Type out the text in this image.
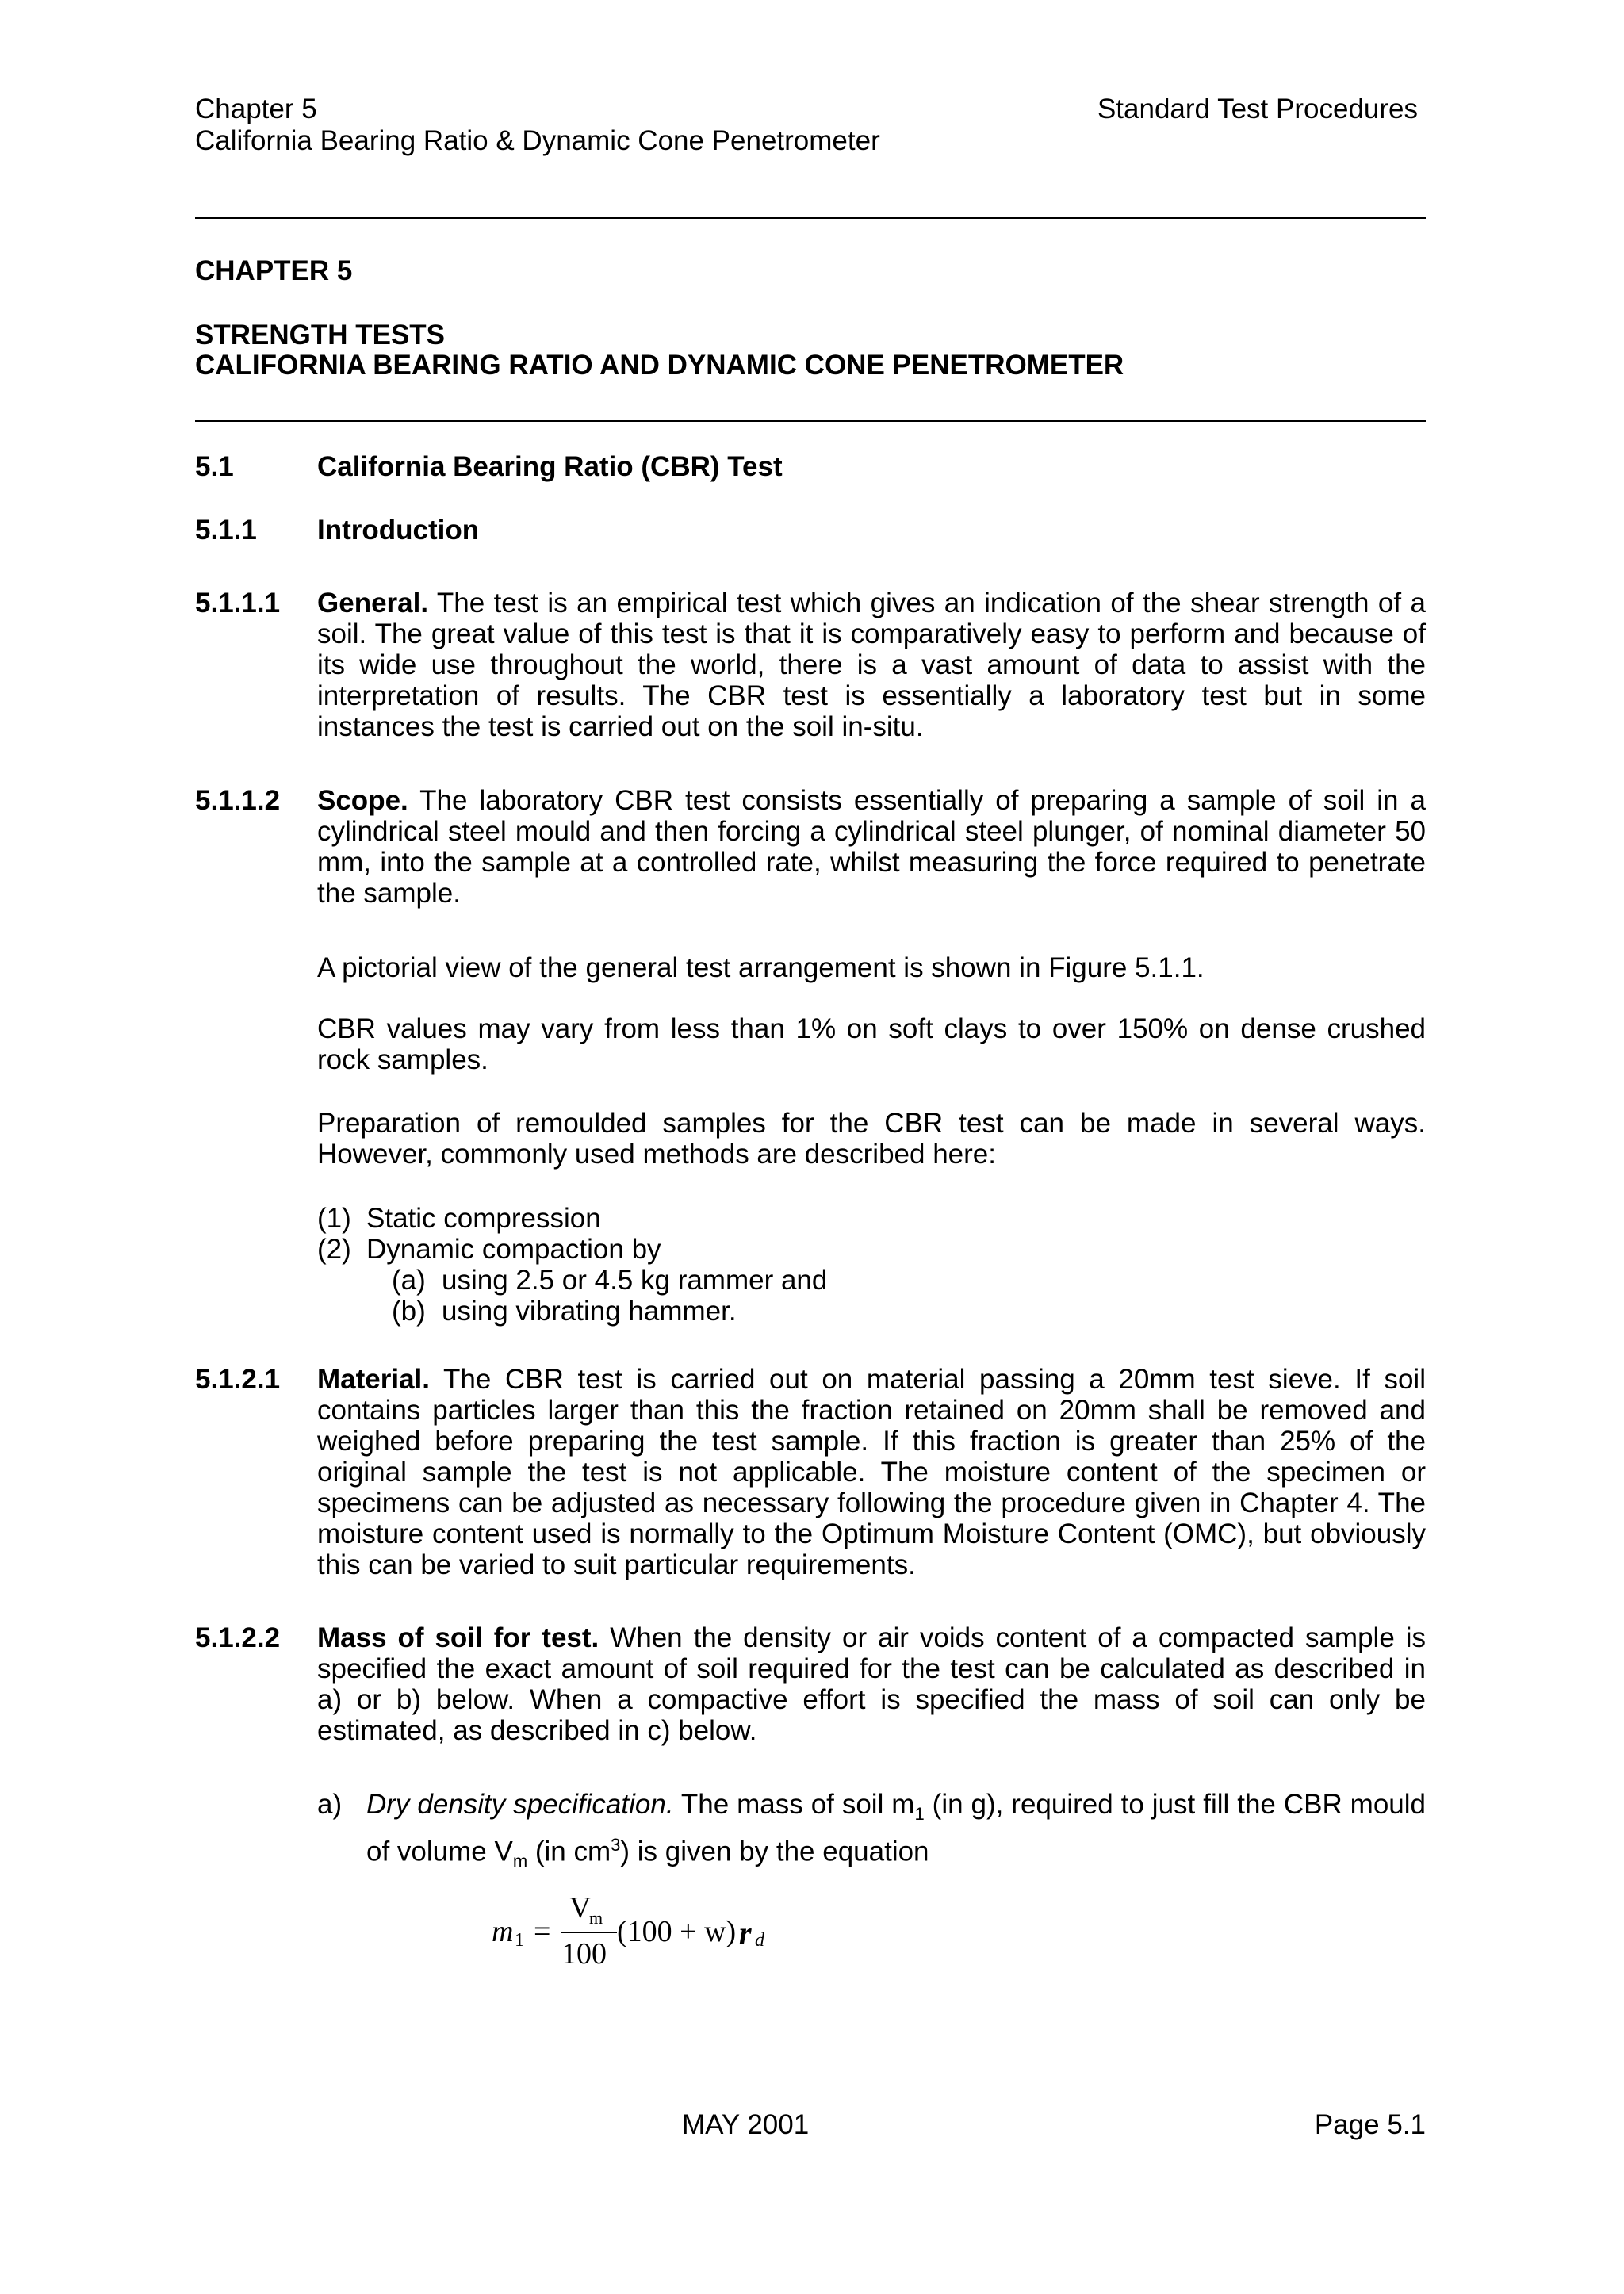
Chapter 5
California Bearing Ratio & Dynamic Cone Penetrometer
Standard Test Procedures
CHAPTER 5
STRENGTH TESTS
CALIFORNIA BEARING RATIO AND DYNAMIC CONE PENETROMETER
5.1	California Bearing Ratio (CBR) Test
5.1.1 Introduction
5.1.1.1 General. The test is an empirical test which gives an indication of the shear strength of a soil. The great value of this test is that it is comparatively easy to perform and because of its wide use throughout the world, there is a vast amount of data to assist with the interpretation of results. The CBR test is essentially a laboratory test but in some instances the test is carried out on the soil in-situ.
5.1.1.2 Scope. The laboratory CBR test consists essentially of preparing a sample of soil in a cylindrical steel mould and then forcing a cylindrical steel plunger, of nominal diameter 50 mm, into the sample at a controlled rate, whilst measuring the force required to penetrate the sample.
A pictorial view of the general test arrangement is shown in Figure 5.1.1.
CBR values may vary from less than 1% on soft clays to over 150% on dense crushed rock samples.
Preparation of remoulded samples for the CBR test can be made in several ways. However, commonly used methods are described here:
(1) Static compression
(2) Dynamic compaction by
(a) using 2.5 or 4.5 kg rammer and
(b) using vibrating hammer.
5.1.2.1 Material. The CBR test is carried out on material passing a 20mm test sieve. If soil contains particles larger than this the fraction retained on 20mm shall be removed and weighed before preparing the test sample. If this fraction is greater than 25% of the original sample the test is not applicable. The moisture content of the specimen or specimens can be adjusted as necessary following the procedure given in Chapter 4. The moisture content used is normally to the Optimum Moisture Content (OMC), but obviously this can be varied to suit particular requirements.
5.1.2.2 Mass of soil for test. When the density or air voids content of a compacted sample is specified the exact amount of soil required for the test can be calculated as described in a) or b) below. When a compactive effort is specified the mass of soil can only be estimated, as described in c) below.
a) Dry density specification. The mass of soil $m_1$ (in g), required to just fill the CBR mould of volume $V_m$ (in $cm^3$) is given by the equation
m 1 =
V
m
100
(100 + w) r d
MAY 2001	Page 5.1
